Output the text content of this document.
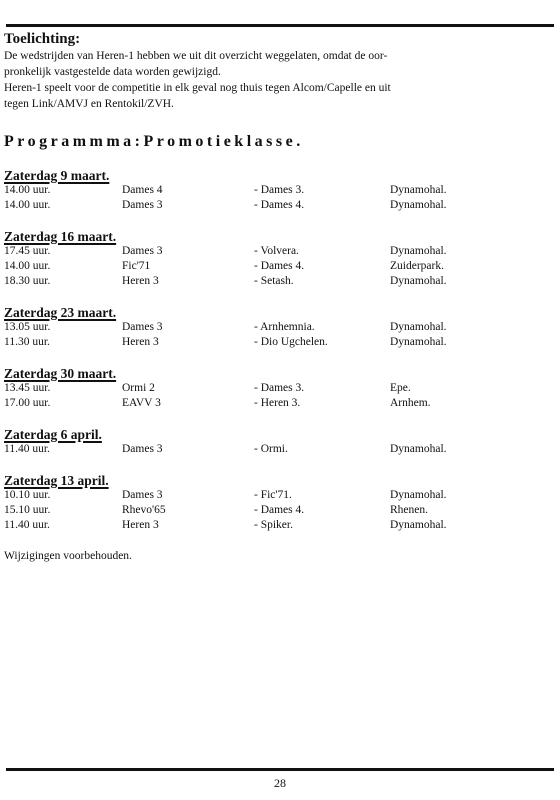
Toelichting:

De wedstrijden van Heren-1 hebben we uit dit overzicht weggelaten, omdat de oor-

pronkelijk vastgestelde data worden gewijzigd.

Heren-1 speelt voor de competitie in elk geval nog thuis tegen Alcom/Capelle en uit

tegen Link/AMVJ en Rentokil/ZVH.

Programmma:Promotieklasse.

Zaterdag 9 maart.

14.00 uur.	Dames 4	- Dames 3.	Dynamohal.
14.00 uur.	Dames 3	- Dames 4.	Dynamohal.

Zaterdag 16 maart.

17.45 uur.	Dames 3	- Volvera.	Dynamohal.
14.00 uur.	Fic'71	- Dames 4.	Zuiderpark.
18.30 uur.	Heren 3	- Setash.	Dynamohal.

Zaterdag 23 maart.

13.05 uur.	Dames 3	- Arnhemnia.	Dynamohal.
11.30 uur.	Heren 3	- Dio Ugchelen.	Dynamohal.

Zaterdag 30 maart.

13.45 uur.	Ormi 2	- Dames 3.	Epe.
17.00 uur.	EAVV 3	- Heren 3.	Arnhem.

Zaterdag 6 april.

11.40 uur.	Dames 3	- Ormi.	Dynamohal.

Zaterdag 13 april.

10.10 uur.	Dames 3	- Fic'71.	Dynamohal.
15.10 uur.	Rhevo'65	- Dames 4.	Rhenen.
11.40 uur.	Heren 3	- Spiker.	Dynamohal.

Wijzigingen voorbehouden.

28
